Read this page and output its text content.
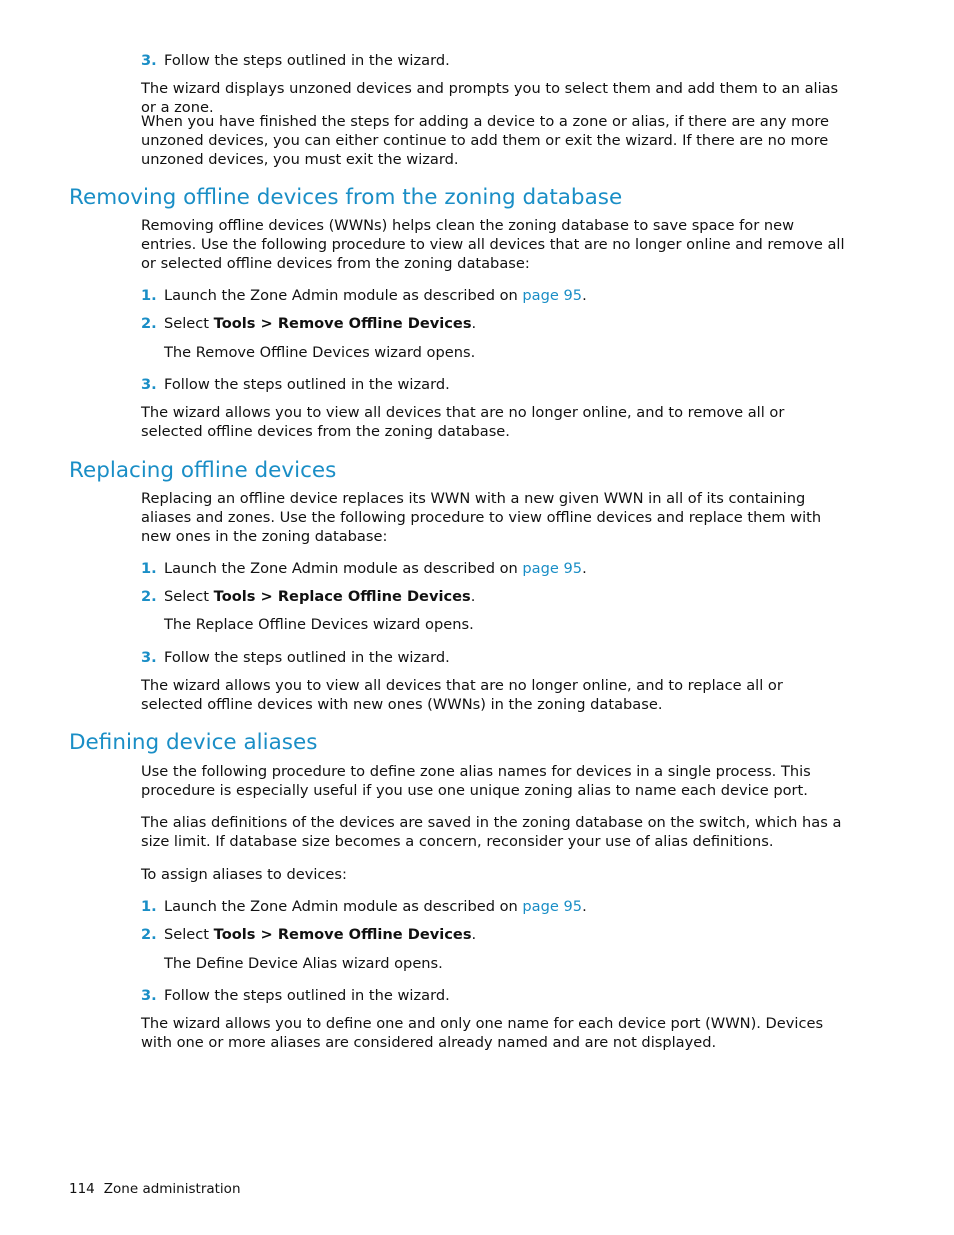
3. Follow the steps outlined in the wizard.

The wizard displays unzoned devices and prompts you to select them and add them to an alias or a zone.

When you have finished the steps for adding a device to a zone or alias, if there are any more unzoned devices, you can either continue to add them or exit the wizard. If there are no more unzoned devices, you must exit the wizard.

Removing offline devices from the zoning database

Removing offline devices (WWNs) helps clean the zoning database to save space for new entries. Use the following procedure to view all devices that are no longer online and remove all or selected offline devices from the zoning database:

1. Launch the Zone Admin module as described on page 95.
2. Select Tools > Remove Offline Devices.

The Remove Offline Devices wizard opens.

3. Follow the steps outlined in the wizard.

The wizard allows you to view all devices that are no longer online, and to remove all or selected offline devices from the zoning database.

Replacing offline devices

Replacing an offline device replaces its WWN with a new given WWN in all of its containing aliases and zones. Use the following procedure to view offline devices and replace them with new ones in the zoning database:

1. Launch the Zone Admin module as described on page 95.
2. Select Tools > Replace Offline Devices.

The Replace Offline Devices wizard opens.

3. Follow the steps outlined in the wizard.

The wizard allows you to view all devices that are no longer online, and to replace all or selected offline devices with new ones (WWNs) in the zoning database.

Defining device aliases

Use the following procedure to define zone alias names for devices in a single process. This procedure is especially useful if you use one unique zoning alias to name each device port.

The alias definitions of the devices are saved in the zoning database on the switch, which has a size limit. If database size becomes a concern, reconsider your use of alias definitions.

To assign aliases to devices:

1. Launch the Zone Admin module as described on page 95.
2. Select Tools > Remove Offline Devices.

The Define Device Alias wizard opens.

3. Follow the steps outlined in the wizard.

The wizard allows you to define one and only one name for each device port (WWN). Devices with one or more aliases are considered already named and are not displayed.

114 Zone administration
